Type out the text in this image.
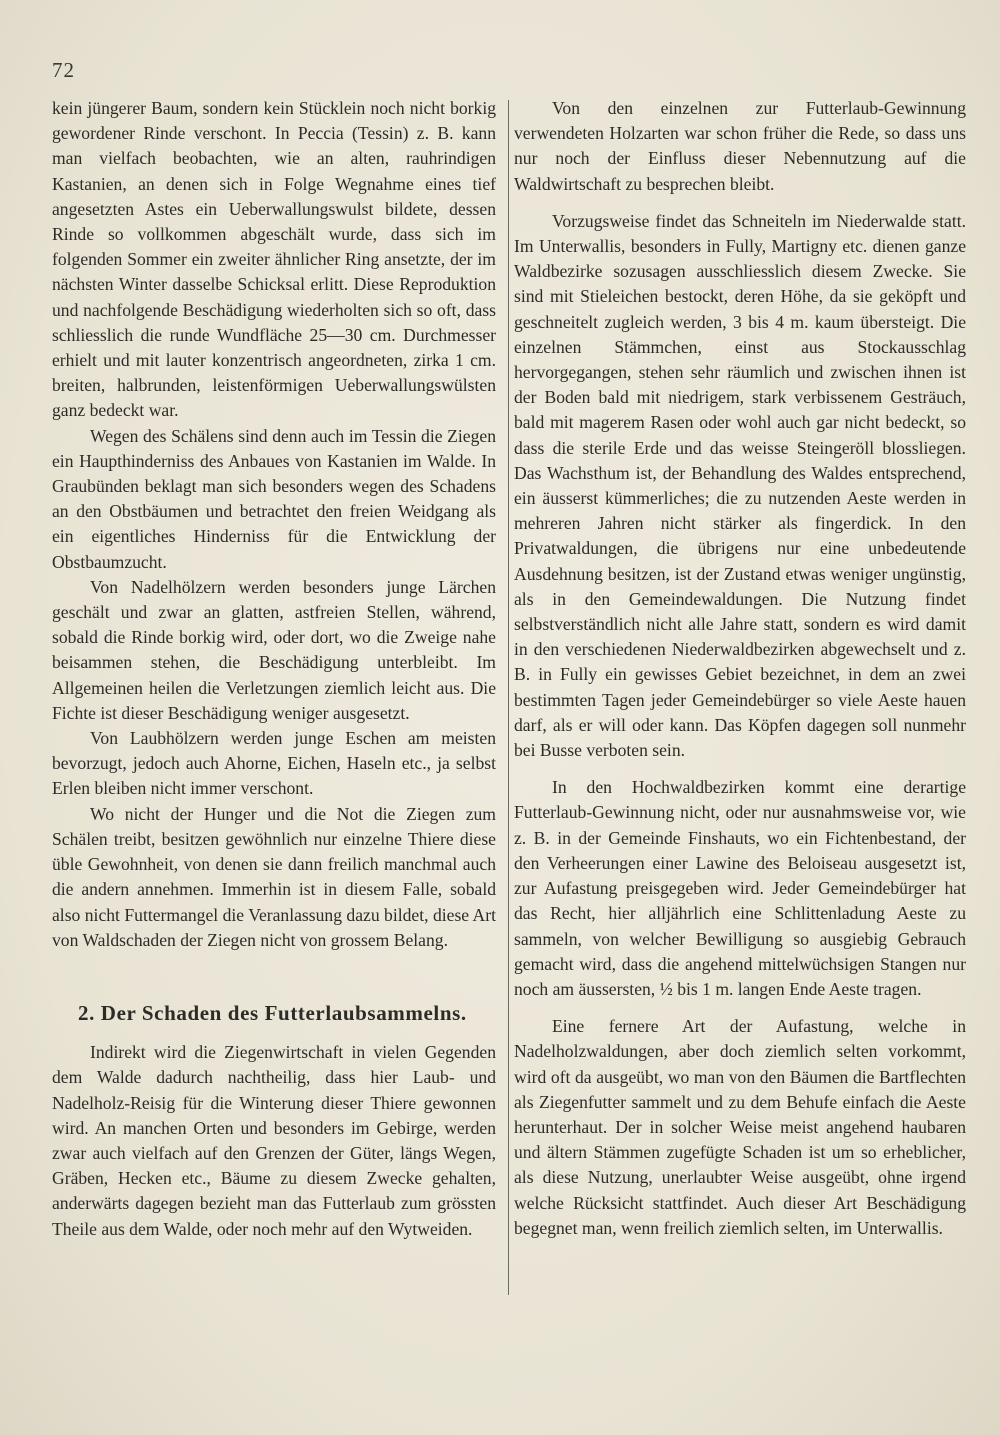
72

kein jüngerer Baum, sondern kein Stücklein noch nicht borkig gewordener Rinde verschont. In Peccia (Tessin) z. B. kann man vielfach beobachten, wie an alten, rauhrindigen Kastanien, an denen sich in Folge Wegnahme eines tief angesetzten Astes ein Ueberwallungswulst bildete, dessen Rinde so vollkommen abgeschält wurde, dass sich im folgenden Sommer ein zweiter ähnlicher Ring ansetzte, der im nächsten Winter dasselbe Schicksal erlitt. Diese Reproduktion und nachfolgende Beschädigung wiederholten sich so oft, dass schliesslich die runde Wundfläche 25—30 cm. Durchmesser erhielt und mit lauter konzentrisch angeordneten, zirka 1 cm. breiten, halbrunden, leistenförmigen Ueberwallungswülsten ganz bedeckt war.

Wegen des Schälens sind denn auch im Tessin die Ziegen ein Haupthinderniss des Anbaues von Kastanien im Walde. In Graubünden beklagt man sich besonders wegen des Schadens an den Obstbäumen und betrachtet den freien Weidgang als ein eigentliches Hinderniss für die Entwicklung der Obstbaumzucht.

Von Nadelhölzern werden besonders junge Lärchen geschält und zwar an glatten, astfreien Stellen, während, sobald die Rinde borkig wird, oder dort, wo die Zweige nahe beisammen stehen, die Beschädigung unterbleibt. Im Allgemeinen heilen die Verletzungen ziemlich leicht aus. Die Fichte ist dieser Beschädigung weniger ausgesetzt.

Von Laubhölzern werden junge Eschen am meisten bevorzugt, jedoch auch Ahorne, Eichen, Haseln etc., ja selbst Erlen bleiben nicht immer verschont.

Wo nicht der Hunger und die Not die Ziegen zum Schälen treibt, besitzen gewöhnlich nur einzelne Thiere diese üble Gewohnheit, von denen sie dann freilich manchmal auch die andern annehmen. Immerhin ist in diesem Falle, sobald also nicht Futtermangel die Veranlassung dazu bildet, diese Art von Waldschaden der Ziegen nicht von grossem Belang.

2. Der Schaden des Futterlaubsammelns.

Indirekt wird die Ziegenwirtschaft in vielen Gegenden dem Walde dadurch nachtheilig, dass hier Laub- und Nadelholz-Reisig für die Winterung dieser Thiere gewonnen wird. An manchen Orten und besonders im Gebirge, werden zwar auch vielfach auf den Grenzen der Güter, längs Wegen, Gräben, Hecken etc., Bäume zu diesem Zwecke gehalten, anderwärts dagegen bezieht man das Futterlaub zum grössten Theile aus dem Walde, oder noch mehr auf den Wytweiden.

Von den einzelnen zur Futterlaub-Gewinnung verwendeten Holzarten war schon früher die Rede, so dass uns nur noch der Einfluss dieser Nebennutzung auf die Waldwirtschaft zu besprechen bleibt.

Vorzugsweise findet das Schneiteln im Niederwalde statt. Im Unterwallis, besonders in Fully, Martigny etc. dienen ganze Waldbezirke sozusagen ausschliesslich diesem Zwecke. Sie sind mit Stieleichen bestockt, deren Höhe, da sie geköpft und geschneitelt zugleich werden, 3 bis 4 m. kaum übersteigt. Die einzelnen Stämmchen, einst aus Stockausschlag hervorgegangen, stehen sehr räumlich und zwischen ihnen ist der Boden bald mit niedrigem, stark verbissenem Gesträuch, bald mit magerem Rasen oder wohl auch gar nicht bedeckt, so dass die sterile Erde und das weisse Steingeröll blossliegen. Das Wachsthum ist, der Behandlung des Waldes entsprechend, ein äusserst kümmerliches; die zu nutzenden Aeste werden in mehreren Jahren nicht stärker als fingerdick. In den Privatwaldungen, die übrigens nur eine unbedeutende Ausdehnung besitzen, ist der Zustand etwas weniger ungünstig, als in den Gemeindewaldungen. Die Nutzung findet selbstverständlich nicht alle Jahre statt, sondern es wird damit in den verschiedenen Niederwaldbezirken abgewechselt und z. B. in Fully ein gewisses Gebiet bezeichnet, in dem an zwei bestimmten Tagen jeder Gemeindebürger so viele Aeste hauen darf, als er will oder kann. Das Köpfen dagegen soll nunmehr bei Busse verboten sein.

In den Hochwaldbezirken kommt eine derartige Futterlaub-Gewinnung nicht, oder nur ausnahmsweise vor, wie z. B. in der Gemeinde Finshauts, wo ein Fichtenbestand, der den Verheerungen einer Lawine des Beloiseau ausgesetzt ist, zur Aufastung preisgegeben wird. Jeder Gemeindebürger hat das Recht, hier alljährlich eine Schlittenladung Aeste zu sammeln, von welcher Bewilligung so ausgiebig Gebrauch gemacht wird, dass die angehend mittelwüchsigen Stangen nur noch am äussersten, ½ bis 1 m. langen Ende Aeste tragen.

Eine fernere Art der Aufastung, welche in Nadelholzwaldungen, aber doch ziemlich selten vorkommt, wird oft da ausgeübt, wo man von den Bäumen die Bartflechten als Ziegenfutter sammelt und zu dem Behufe einfach die Aeste herunterhaut. Der in solcher Weise meist angehend haubaren und ältern Stämmen zugefügte Schaden ist um so erheblicher, als diese Nutzung, unerlaubter Weise ausgeübt, ohne irgend welche Rücksicht stattfindet. Auch dieser Art Beschädigung begegnet man, wenn freilich ziemlich selten, im Unterwallis.
